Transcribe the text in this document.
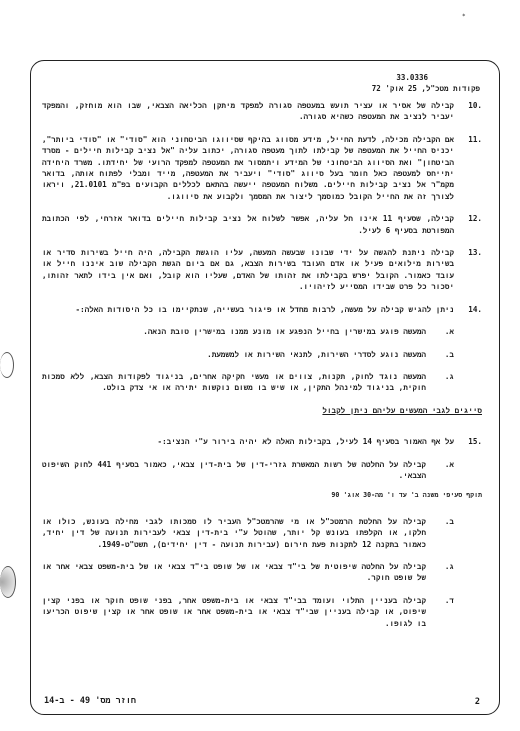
*
33.0336
פקודות מטכ"ל, 25 אוק' 72
.10
קבילה של אסיר או עציר תועש במעטפה סגורה למפקד מיתקן הכליאה הצבאי, שבו הוא מוחזק, והמפקד יעביר לנציב את המעטפה כשהיא סגורה.
.11
אם הקבילה מכילה, לדעת החייל, מידע מסווג בהיקף שסיווגו הביטחוני הוא "סודי" או "סודי ביותר", יכניס החייל את המעטפה של קבילתו לתוך מעטפה סגורה, יכתוב עליה "אל נציב קבילות חיילים - מסרד הביטחון" ואת הסיווג הביטחוני של המידע ויתמסור את המעטפה למפקד הרועי של יחידתו. משרד היחידה יתייחס למעטפה כאל חומר בעל סיווג "סודי" ויעביר את המעטפה, מייד ומבלי לפתוח אותה, בדואר מקמ"ר אל נציב קבילות חיילים. משלוח המעטפה ייעשה בהתאם לכללים הקבועים בפ"מ 21.0101, ויראו לצורך זה את החייל הקובל כמוסמך ליצור את המסמך ולקבוע את סיווגו.
.12
קבילה, שסעיף 11 אינו חל עליה, אפשר לשלוח אל נציב קבילות חיילים בדואר אזרחי, לפי הכתובת המפורטת בסעיף 6 לעיל.
.13
קבילה ניתנת להגשה על ידי שבונו שבעשה המעשה, עליו הוגשת הקבילה, היה חייל בשירות סדיר או בשירות מילואים פעיל או אדם העובד בשירות הצבא, גם אם ביום הגשת הקבילה שוב איננו חייל או עובד כאמור. הקובל יפרש בקבילתו את זהותו של האדם, שעליו הוא קובל, ואם אין בידו לתאר זהותו, יסכור כל פרט שבידו המסייע לזיהויו.
.14
ניתן להגיש קבילה על מעשה, לרבות מחדל או פיגור בעשייה, שנתקיימו בו כל היסודות האלה:-
א.
המעשה פוגע במישרין בחייל הנפגע או מונע ממנו במישרין טובת הנאה.
ב.
המעשה נוגע לסדרי השירות, לתנאי השירות או למשמעת.
ג.
המעשה נוגד לחוק, תקנות, צווים או מעשי חקיקה אחרים, בניגוד לפקודות הצבא, ללא סמכות חוקית, בניגוד למינהל התקין, או שיש בו משום נוקשות יתירה או אי צדק בולט.
סייגים לגבי המעשים עליהם ניתן לקבול
.15
על אף האמור בסעיף 14 לעיל, בקבילות האלה לא יהיה בירור ע"י הנציב:-
א.
קבילה על החלטה של רשות המאשרת גזרי-דין של בית-דין צבאי, כאמור בסעיף 441 לחוק השיפוט הצבאי.
תוקף סעיפי משנה ב' עד ו' מה-30 אוג' 90
ב.
קבילה על החלטת הרמטכ"ל או מי שהרמטכ"ל העביר לו סמכותו לגבי מחילה בעונש, כולו או חלקו, או הקלפתו בעונש קל יותר, שהוטל ע"י בית-דין צבאי לעבירות תנועה של דין יחיד, כאמור בתקנה 12 לתקנות פעת חירום (עבירות תנועה - דין יחידים), תשט"ט-1949.
ג.
קבילה על החלטה שיפוטית של בי"ד צבאי או של שופט בי"ד צבאי או של בית-משפט צבאי אחר או של שופט חוקר.
ד.
קבילה בעניין התלוי ועומד בבי"ד צבאי או בית-משפט אחר, בפני שופט חוקר או בפני קצין שיפוט, או קבילה בעניין שבי"ד צבאי או בית-משפט אחר או שופט אחר או קצין שיפוט הכריעו בו לגופו.
חוזר מס' 49 - ב-14	2
